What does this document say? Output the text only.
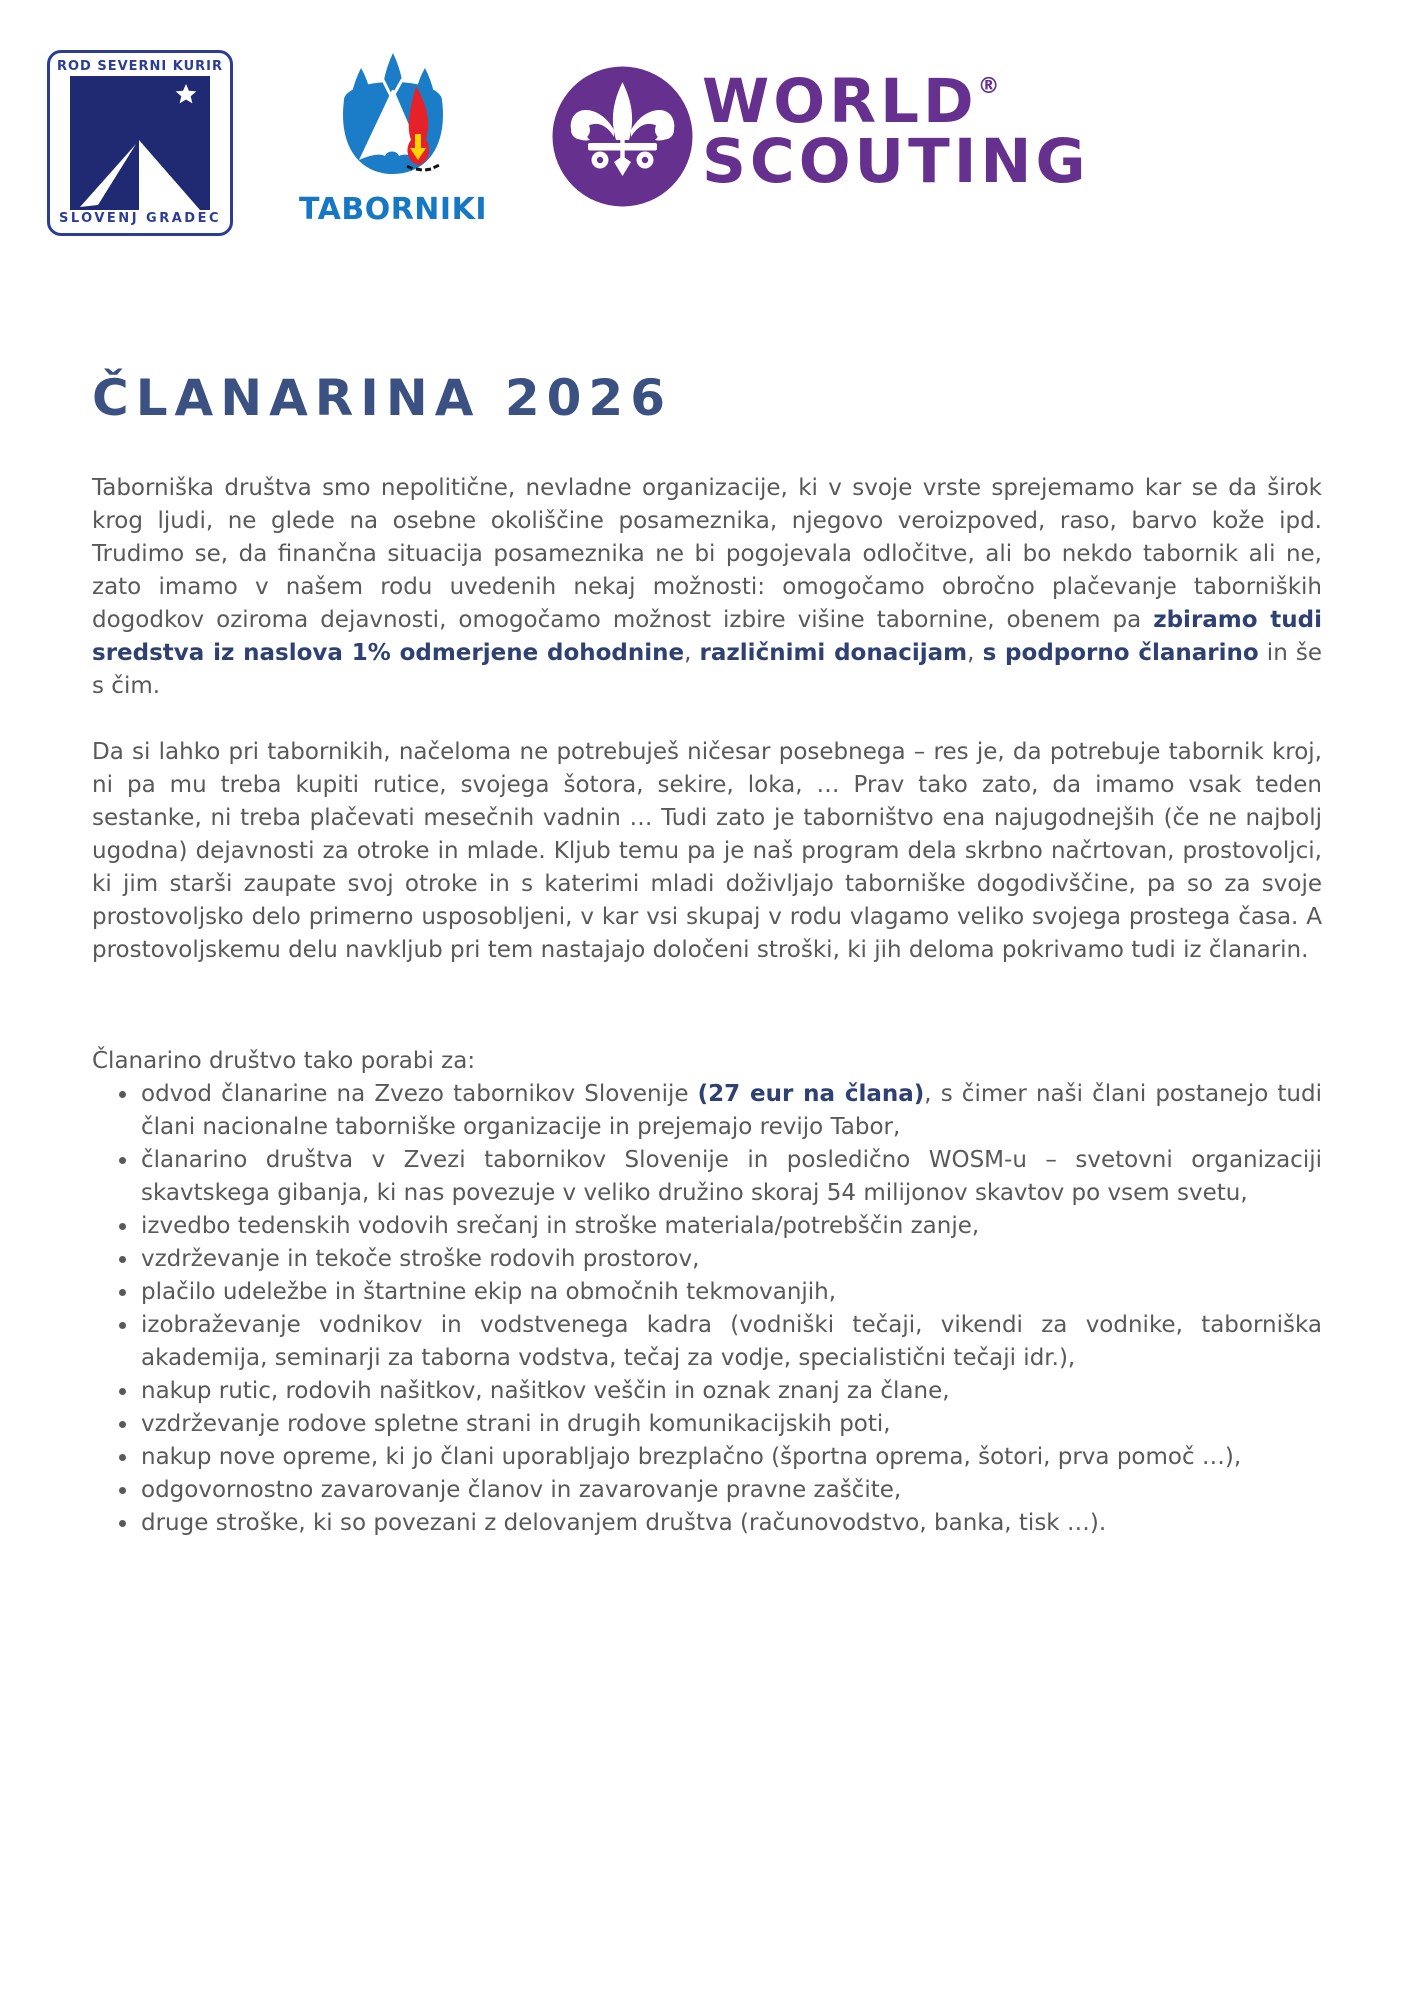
ROD SEVERNI KURIR
SLOVENJ GRADEC	TABORNIKI
WORLD®
SCOUTING
ČLANARINA 2026

Taborniška društva smo nepolitične, nevladne organizacije, ki v svoje vrste sprejemamo kar se da širok krog ljudi, ne glede na osebne okoliščine posameznika, njegovo veroizpoved, raso, barvo kože ipd. Trudimo se, da finančna situacija posameznika ne bi pogojevala odločitve, ali bo nekdo tabornik ali ne, zato imamo v našem rodu uvedenih nekaj možnosti: omogočamo obročno plačevanje taborniških dogodkov oziroma dejavnosti, omogočamo možnost izbire višine tabornine, obenem pa zbiramo tudi sredstva iz naslova 1% odmerjene dohodnine, različnimi donacijam, s podporno članarino in še s čim.

Da si lahko pri tabornikih, načeloma ne potrebuješ ničesar posebnega – res je, da potrebuje tabornik kroj, ni pa mu treba kupiti rutice, svojega šotora, sekire, loka, … Prav tako zato, da imamo vsak teden sestanke, ni treba plačevati mesečnih vadnin … Tudi zato je taborništvo ena najugodnejših (če ne najbolj ugodna) dejavnosti za otroke in mlade. Kljub temu pa je naš program dela skrbno načrtovan, prostovoljci, ki jim starši zaupate svoj otroke in s katerimi mladi doživljajo taborniške dogodivščine, pa so za svoje prostovoljsko delo primerno usposobljeni, v kar vsi skupaj v rodu vlagamo veliko svojega prostega časa. A prostovoljskemu delu navkljub pri tem nastajajo določeni stroški, ki jih deloma pokrivamo tudi iz članarin.

Članarino društvo tako porabi za:

• odvod članarine na Zvezo tabornikov Slovenije (27 eur na člana), s čimer naši člani postanejo tudi člani nacionalne taborniške organizacije in prejemajo revijo Tabor,
• članarino društva v Zvezi tabornikov Slovenije in posledično WOSM-u – svetovni organizaciji skavtskega gibanja, ki nas povezuje v veliko družino skoraj 54 milijonov skavtov po vsem svetu,
• izvedbo tedenskih vodovih srečanj in stroške materiala/potrebščin zanje,
• vzdrževanje in tekoče stroške rodovih prostorov,
• plačilo udeležbe in štartnine ekip na območnih tekmovanjih,
• izobraževanje vodnikov in vodstvenega kadra (vodniški tečaji, vikendi za vodnike, taborniška akademija, seminarji za taborna vodstva, tečaj za vodje, specialistični tečaji idr.),
• nakup rutic, rodovih našitkov, našitkov veščin in oznak znanj za člane,
• vzdrževanje rodove spletne strani in drugih komunikacijskih poti,
• nakup nove opreme, ki jo člani uporabljajo brezplačno (športna oprema, šotori, prva pomoč …),
• odgovornostno zavarovanje članov in zavarovanje pravne zaščite,
• druge stroške, ki so povezani z delovanjem društva (računovodstvo, banka, tisk …).
